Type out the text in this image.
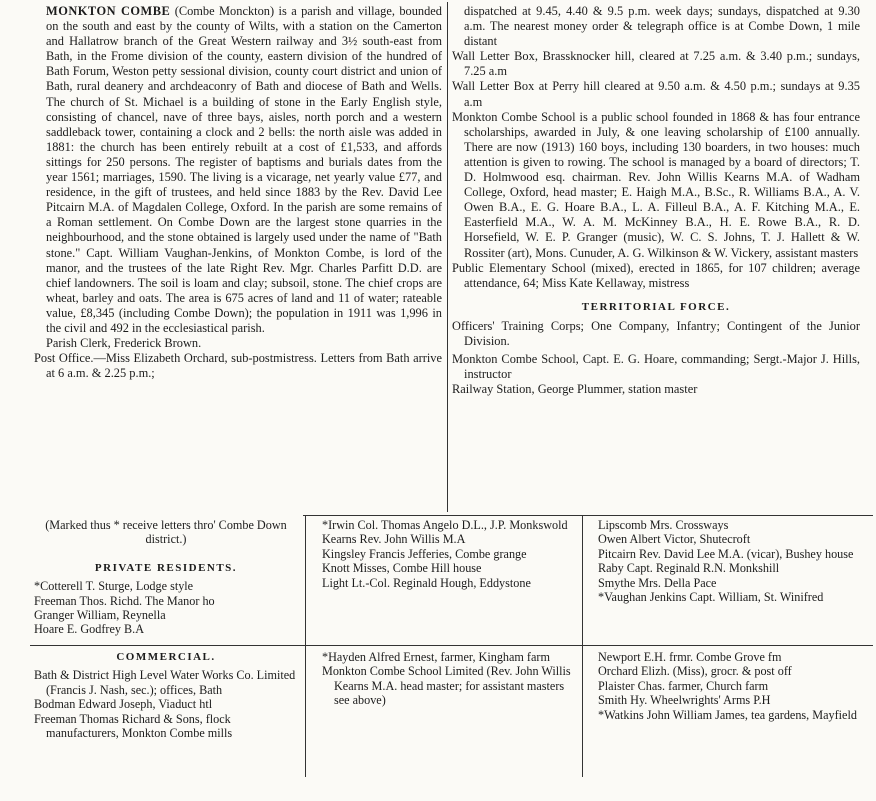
MONKTON COMBE (Combe Monckton) is a parish and village, bounded on the south and east by the county of Wilts, with a station on the Camerton and Hallatrow branch of the Great Western railway and 3½ south-east from Bath, in the Frome division of the county, eastern division of the hundred of Bath Forum, Weston petty sessional division, county court district and union of Bath, rural deanery and archdeaconry of Bath and diocese of Bath and Wells. The church of St. Michael is a building of stone in the Early English style, consisting of chancel, nave of three bays, aisles, north porch and a western saddleback tower, containing a clock and 2 bells: the north aisle was added in 1881: the church has been entirely rebuilt at a cost of £1,533, and affords sittings for 250 persons. The register of baptisms and burials dates from the year 1561; marriages, 1590. The living is a vicarage, net yearly value £77, and residence, in the gift of trustees, and held since 1883 by the Rev. David Lee Pitcairn M.A. of Magdalen College, Oxford. In the parish are some remains of a Roman settlement. On Combe Down are the largest stone quarries in the neighbourhood, and the stone obtained is largely used under the name of "Bath stone." Capt. William Vaughan-Jenkins, of Monkton Combe, is lord of the manor, and the trustees of the late Right Rev. Mgr. Charles Parfitt D.D. are chief landowners. The soil is loam and clay; subsoil, stone. The chief crops are wheat, barley and oats. The area is 675 acres of land and 11 of water; rateable value, £8,345 (including Combe Down); the population in 1911 was 1,996 in the civil and 492 in the ecclesiastical parish.

Parish Clerk, Frederick Brown.

Post Office.—Miss Elizabeth Orchard, sub-postmistress. Letters from Bath arrive at 6 a.m. & 2.25 p.m.;

dispatched at 9.45, 4.40 & 9.5 p.m. week days; sundays, dispatched at 9.30 a.m. The nearest money order & telegraph office is at Combe Down, 1 mile distant

Wall Letter Box, Brassknocker hill, cleared at 7.25 a.m. & 3.40 p.m.; sundays, 7.25 a.m

Wall Letter Box at Perry hill cleared at 9.50 a.m. & 4.50 p.m.; sundays at 9.35 a.m

Monkton Combe School is a public school founded in 1868 & has four entrance scholarships, awarded in July, & one leaving scholarship of £100 annually. There are now (1913) 160 boys, including 130 boarders, in two houses: much attention is given to rowing. The school is managed by a board of directors; T. D. Holmwood esq. chairman. Rev. John Willis Kearns M.A. of Wadham College, Oxford, head master; E. Haigh M.A., B.Sc., R. Williams B.A., A. V. Owen B.A., E. G. Hoare B.A., L. A. Filleul B.A., A. F. Kitching M.A., E. Easterfield M.A., W. A. M. McKinney B.A., H. E. Rowe B.A., R. D. Horsefield, W. E. P. Granger (music), W. C. S. Johns, T. J. Hallett & W. Rossiter (art), Mons. Cunuder, A. G. Wilkinson & W. Vickery, assistant masters

Public Elementary School (mixed), erected in 1865, for 107 children; average attendance, 64; Miss Kate Kellaway, mistress

TERRITORIAL FORCE.

Officers' Training Corps; One Company, Infantry; Contingent of the Junior Division.

Monkton Combe School, Capt. E. G. Hoare, commanding; Sergt.-Major J. Hills, instructor

Railway Station, George Plummer, station master

(Marked thus * receive letters thro' Combe Down district.)
PRIVATE RESIDENTS.

*Cotterell T. Sturge, Lodge style

Freeman Thos. Richd. The Manor ho

Granger William, Reynella

Hoare E. Godfrey B.A

*Irwin Col. Thomas Angelo D.L., J.P. Monkswold

Kearns Rev. John Willis M.A

Kingsley Francis Jefferies, Combe grange

Knott Misses, Combe Hill house

Light Lt.-Col. Reginald Hough, Eddystone

Lipscomb Mrs. Crossways

Owen Albert Victor, Shutecroft

Pitcairn Rev. David Lee M.A. (vicar), Bushey house

Raby Capt. Reginald R.N. Monkshill

Smythe Mrs. Della Pace

*Vaughan Jenkins Capt. William, St. Winifred

COMMERCIAL.

Bath & District High Level Water Works Co. Limited (Francis J. Nash, sec.); offices, Bath

Bodman Edward Joseph, Viaduct htl

Freeman Thomas Richard & Sons, flock manufacturers, Monkton Combe mills

*Hayden Alfred Ernest, farmer, Kingham farm

Monkton Combe School Limited (Rev. John Willis Kearns M.A. head master; for assistant masters see above)

Newport E.H. frmr. Combe Grove fm

Orchard Elizh. (Miss), grocr. & post off

Plaister Chas. farmer, Church farm

Smith Hy. Wheelwrights' Arms P.H

*Watkins John William James, tea gardens, Mayfield
